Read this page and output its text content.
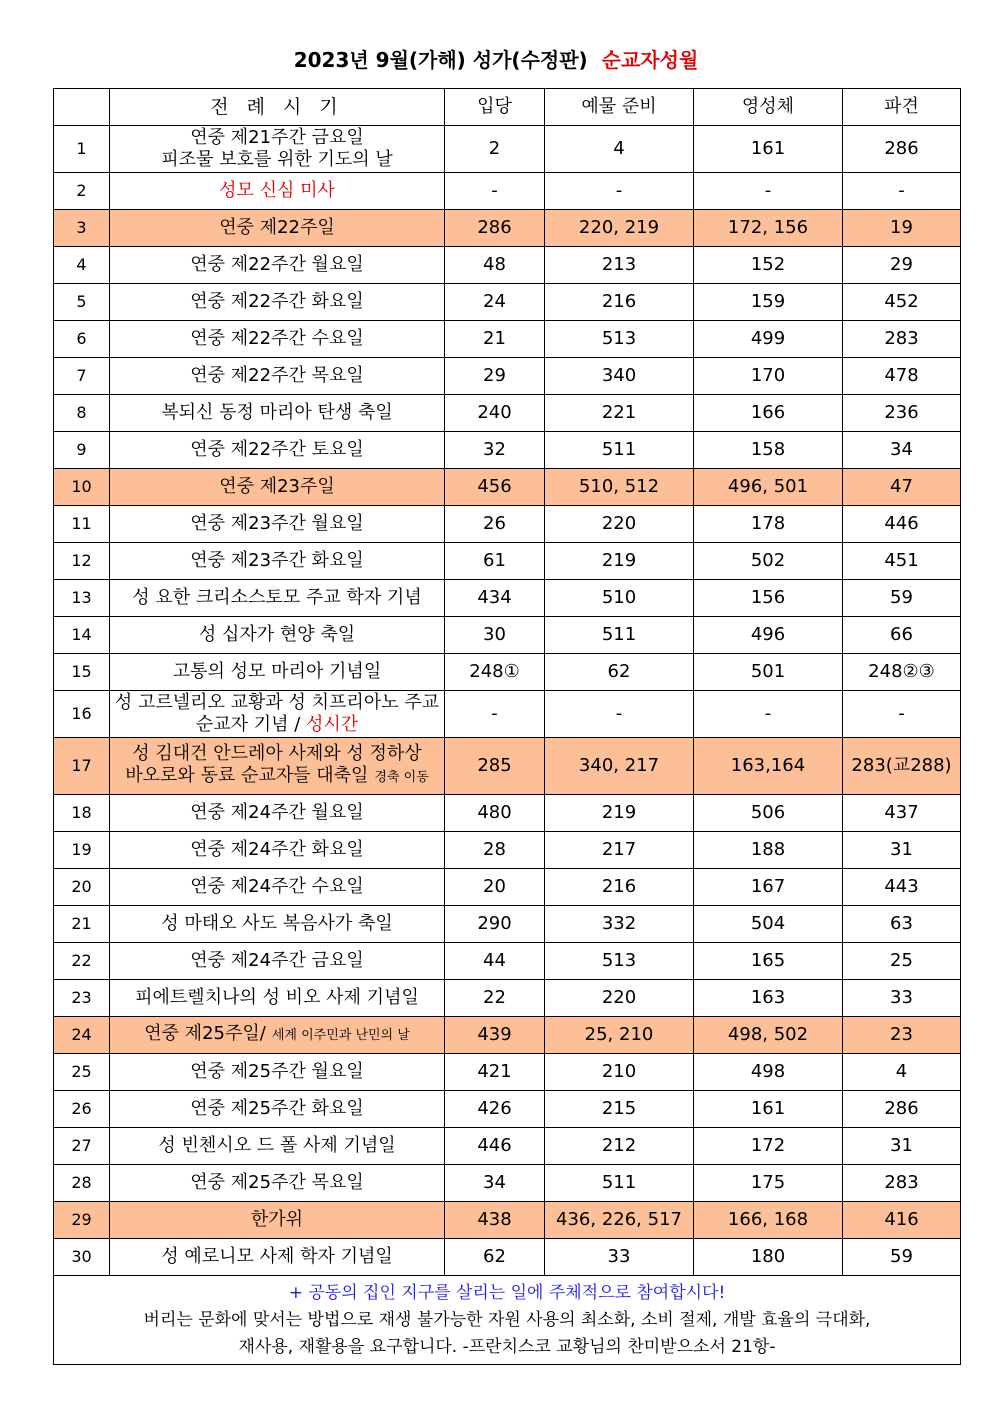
2023년 9월(가해) 성가(수정판) 순교자성월
	전 례 시 기	입당	예물 준비	영성체	파견
1	연중 제21주간 금요일
피조물 보호를 위한 기도의 날	2	4	161	286
2	성모 신심 미사	-	-	-	-
3	연중 제22주일	286	220, 219	172, 156	19
4	연중 제22주간 월요일	48	213	152	29
5	연중 제22주간 화요일	24	216	159	452
6	연중 제22주간 수요일	21	513	499	283
7	연중 제22주간 목요일	29	340	170	478
8	복되신 동정 마리아 탄생 축일	240	221	166	236
9	연중 제22주간 토요일	32	511	158	34
10	연중 제23주일	456	510, 512	496, 501	47
11	연중 제23주간 월요일	26	220	178	446
12	연중 제23주간 화요일	61	219	502	451
13	성 요한 크리소스토모 주교 학자 기념	434	510	156	59
14	성 십자가 현양 축일	30	511	496	66
15	고통의 성모 마리아 기념일	248①	62	501	248②③
16	성 고르넬리오 교황과 성 치프리아노 주교
순교자 기념 / 성시간	-	-	-	-
17	성 김대건 안드레아 사제와 성 정하상
바오로와 동료 순교자들 대축일 경축 이동	285	340, 217	163,164	283(교288)
18	연중 제24주간 월요일	480	219	506	437
19	연중 제24주간 화요일	28	217	188	31
20	연중 제24주간 수요일	20	216	167	443
21	성 마태오 사도 복음사가 축일	290	332	504	63
22	연중 제24주간 금요일	44	513	165	25
23	피에트렐치나의 성 비오 사제 기념일	22	220	163	33
24	연중 제25주일/ 세계 이주민과 난민의 날	439	25, 210	498, 502	23
25	연중 제25주간 월요일	421	210	498	4
26	연중 제25주간 화요일	426	215	161	286
27	성 빈첸시오 드 폴 사제 기념일	446	212	172	31
28	연중 제25주간 목요일	34	511	175	283
29	한가위	438	436, 226, 517	166, 168	416
30	성 예로니모 사제 학자 기념일	62	33	180	59

+ 공동의 집인 지구를 살리는 일에 주체적으로 참여합시다!
버리는 문화에 맞서는 방법으로 재생 불가능한 자원 사용의 최소화, 소비 절제, 개발 효율의 극대화,
재사용, 재활용을 요구합니다. -프란치스코 교황님의 찬미받으소서 21항-					
